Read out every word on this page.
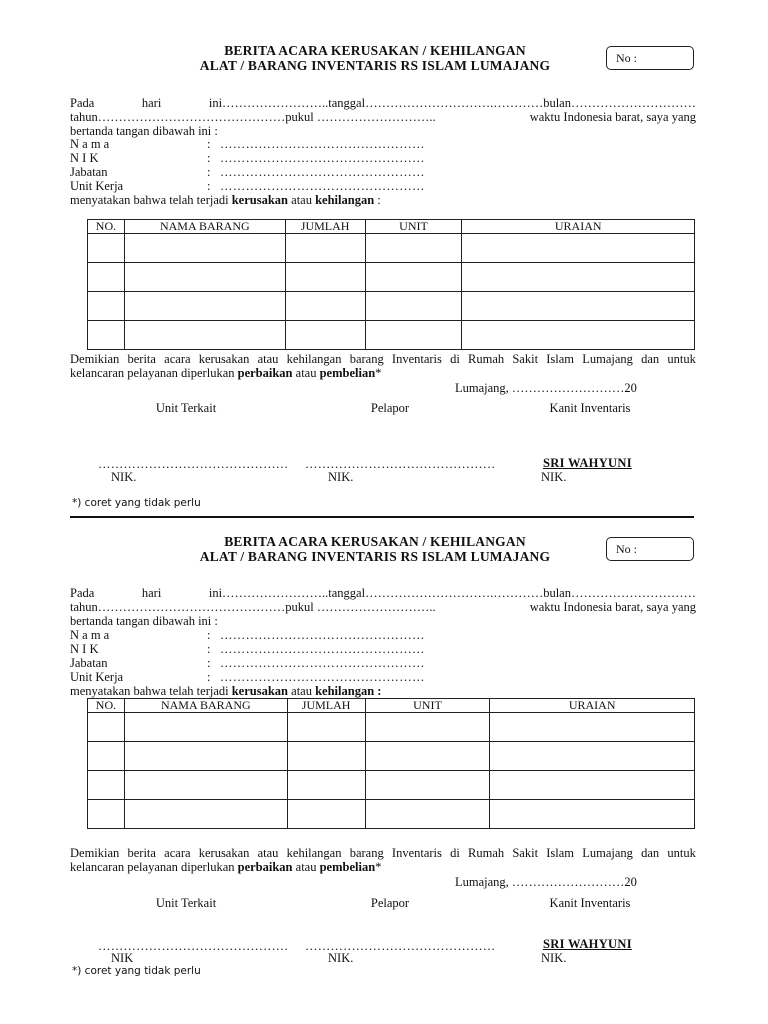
BERITA ACARA KERUSAKAN / KEHILANGAN
ALAT / BARANG INVENTARIS RS ISLAM LUMAJANG	No :
Pada	hari	ini……………………..tanggal………………………….…………bulan…………………………
tahun………………………………………pukul ………………………..	waktu Indonesia barat, saya yang
bertanda tangan dibawah ini :
N a m a	: …………………………………………
N I K	: …………………………………………
Jabatan	: …………………………………………
Unit Kerja	: …………………………………………
menyatakan bahwa telah terjadi kerusakan atau kehilangan :
NO.	NAMA BARANG	JUMLAH	UNIT	URAIAN

Demikian berita acara kerusakan atau kehilangan barang Inventaris di Rumah Sakit Islam Lumajang dan untuk
kelancaran pelayanan diperlukan perbaikan atau pembelian*
Lumajang, ………………………20
Unit Terkait	Pelapor	Kanit Inventaris
……………………………………… ………………………………………	SRI WAHYUNI
NIK.	NIK.	NIK.
*) coret yang tidak perlu
BERITA ACARA KERUSAKAN / KEHILANGAN
ALAT / BARANG INVENTARIS RS ISLAM LUMAJANG	No :
Pada	hari	ini……………………..tanggal………………………….…………bulan…………………………
tahun………………………………………pukul ………………………..	waktu Indonesia barat, saya yang
bertanda tangan dibawah ini :
N a m a	: …………………………………………
N I K	: …………………………………………
Jabatan	: …………………………………………
Unit Kerja	: …………………………………………
menyatakan bahwa telah terjadi kerusakan atau kehilangan :
NO.	NAMA BARANG	JUMLAH	UNIT	URAIAN

Demikian berita acara kerusakan atau kehilangan barang Inventaris di Rumah Sakit Islam Lumajang dan untuk
kelancaran pelayanan diperlukan perbaikan atau pembelian*
Lumajang, ………………………20
Unit Terkait	Pelapor	Kanit Inventaris
……………………………………… ………………………………………	SRI WAHYUNI
NIK	NIK.	NIK.
*) coret yang tidak perlu
